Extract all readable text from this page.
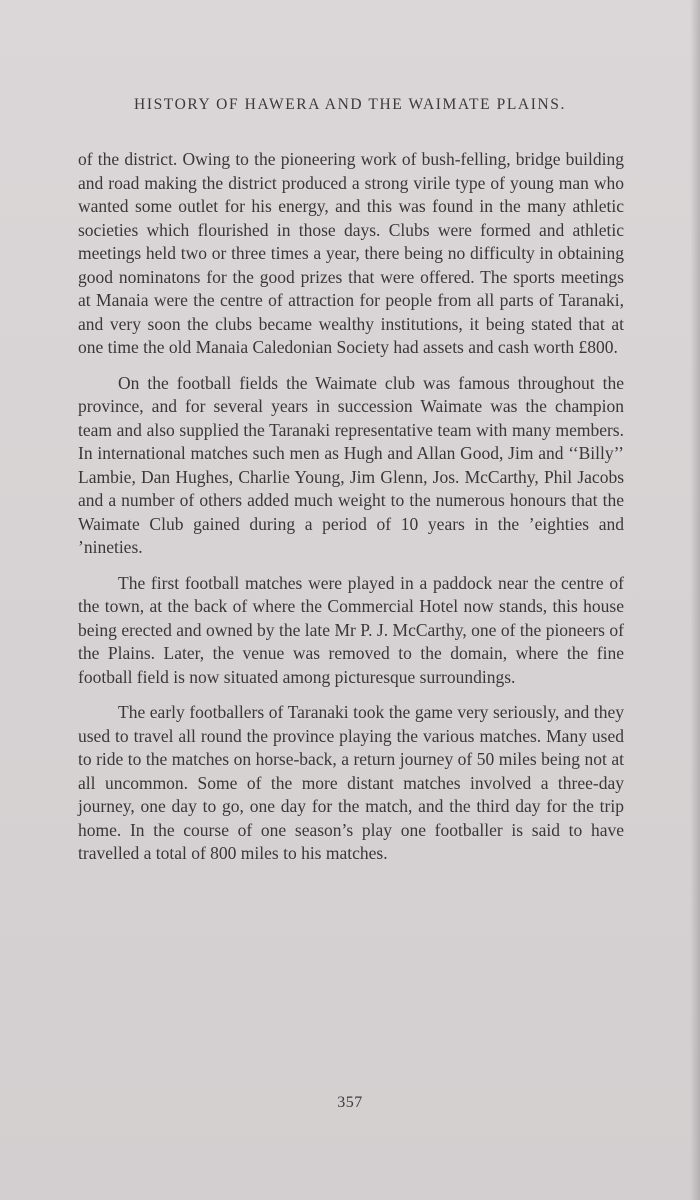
HISTORY OF HAWERA AND THE WAIMATE PLAINS.

of the district. Owing to the pioneering work of bush-felling, bridge building and road making the district produced a strong virile type of young man who wanted some outlet for his energy, and this was found in the many athletic societies which flourished in those days. Clubs were formed and athletic meetings held two or three times a year, there being no difficulty in obtaining good nominatons for the good prizes that were offered. The sports meetings at Manaia were the centre of attraction for people from all parts of Taranaki, and very soon the clubs became wealthy institutions, it being stated that at one time the old Manaia Caledonian Society had assets and cash worth £800.

On the football fields the Waimate club was famous throughout the province, and for several years in succession Waimate was the champion team and also supplied the Taranaki representative team with many members. In international matches such men as Hugh and Allan Good, Jim and ‘‘Billy’’ Lambie, Dan Hughes, Charlie Young, Jim Glenn, Jos. McCarthy, Phil Jacobs and a number of others added much weight to the numerous honours that the Waimate Club gained during a period of 10 years in the ’eighties and ’nineties.

The first football matches were played in a paddock near the centre of the town, at the back of where the Commercial Hotel now stands, this house being erected and owned by the late Mr P. J. McCarthy, one of the pioneers of the Plains. Later, the venue was removed to the domain, where the fine football field is now situated among picturesque surroundings.

The early footballers of Taranaki took the game very seriously, and they used to travel all round the province playing the various matches. Many used to ride to the matches on horse-back, a return journey of 50 miles being not at all uncommon. Some of the more distant matches involved a three-day journey, one day to go, one day for the match, and the third day for the trip home. In the course of one season’s play one footballer is said to have travelled a total of 800 miles to his matches.

357
